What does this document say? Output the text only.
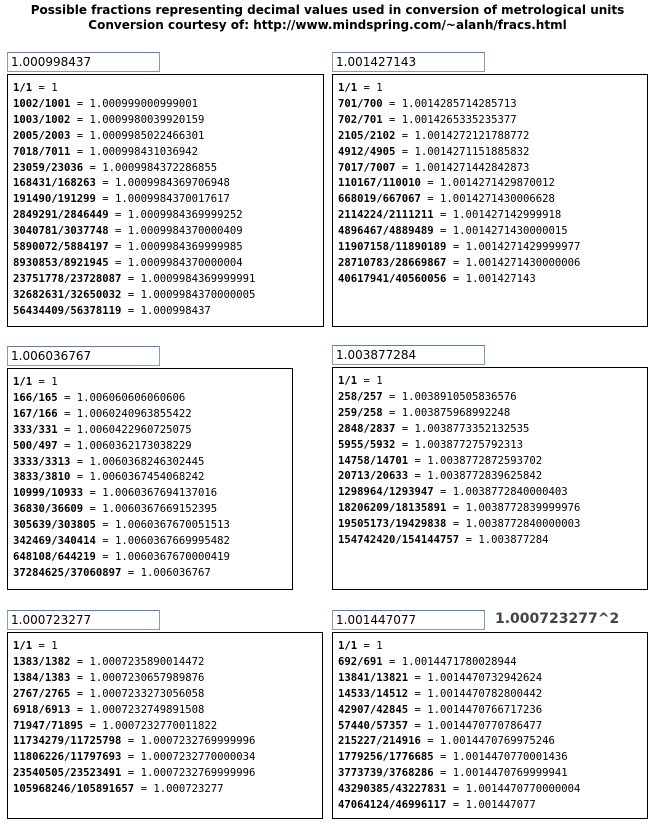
Possible fractions representing decimal values used in conversion of metrological units
Conversion courtesy of: http://www.mindspring.com/~alanh/fracs.html
1.000998437
1/1 = 1
1002/1001 = 1.000999000999001
1003/1002 = 1.0009980039920159
2005/2003 = 1.0009985022466301
7018/7011 = 1.000998431036942
23059/23036 = 1.0009984372286855
168431/168263 = 1.0009984369706948
191490/191299 = 1.0009984370017617
2849291/2846449 = 1.0009984369999252
3040781/3037748 = 1.0009984370000409
5890072/5884197 = 1.0009984369999985
8930853/8921945 = 1.0009984370000004
23751778/23728087 = 1.0009984369999991
32682631/32650032 = 1.0009984370000005
56434409/56378119 = 1.000998437
1.001427143
1/1 = 1
701/700 = 1.0014285714285713
702/701 = 1.0014265335235377
2105/2102 = 1.0014272121788772
4912/4905 = 1.0014271151885832
7017/7007 = 1.0014271442842873
110167/110010 = 1.0014271429870012
668019/667067 = 1.0014271430006628
2114224/2111211 = 1.001427142999918
4896467/4889489 = 1.0014271430000015
11907158/11890189 = 1.0014271429999977
28710783/28669867 = 1.0014271430000006
40617941/40560056 = 1.001427143
1.006036767
1/1 = 1
166/165 = 1.006060606060606
167/166 = 1.0060240963855422
333/331 = 1.0060422960725075
500/497 = 1.0060362173038229
3333/3313 = 1.0060368246302445
3833/3810 = 1.0060367454068242
10999/10933 = 1.0060367694137016
36830/36609 = 1.0060367669152395
305639/303805 = 1.0060367670051513
342469/340414 = 1.0060367669995482
648108/644219 = 1.0060367670000419
37284625/37060897 = 1.006036767
1.003877284
1/1 = 1
258/257 = 1.0038910505836576
259/258 = 1.003875968992248
2848/2837 = 1.0038773352132535
5955/5932 = 1.003877275792313
14758/14701 = 1.0038772872593702
20713/20633 = 1.0038772839625842
1298964/1293947 = 1.0038772840000403
18206209/18135891 = 1.0038772839999976
19505173/19429838 = 1.0038772840000003
154742420/154144757 = 1.003877284
1.000723277
1/1 = 1
1383/1382 = 1.0007235890014472
1384/1383 = 1.0007230657989876
2767/2765 = 1.0007233273056058
6918/6913 = 1.0007232749891508
71947/71895 = 1.0007232770011822
11734279/11725798 = 1.0007232769999996
11806226/11797693 = 1.0007232770000034
23540505/23523491 = 1.0007232769999996
105968246/105891657 = 1.000723277
1.001447077
1/1 = 1
692/691 = 1.0014471780028944
13841/13821 = 1.0014470732942624
14533/14512 = 1.0014470782800442
42907/42845 = 1.0014470766717236
57440/57357 = 1.0014470770786477
215227/214916 = 1.0014470769975246
1779256/1776685 = 1.0014470770001436
3773739/3768286 = 1.0014470769999941
43290385/43227831 = 1.0014470770000004
47064124/46996117 = 1.001447077
1.000723277^2
